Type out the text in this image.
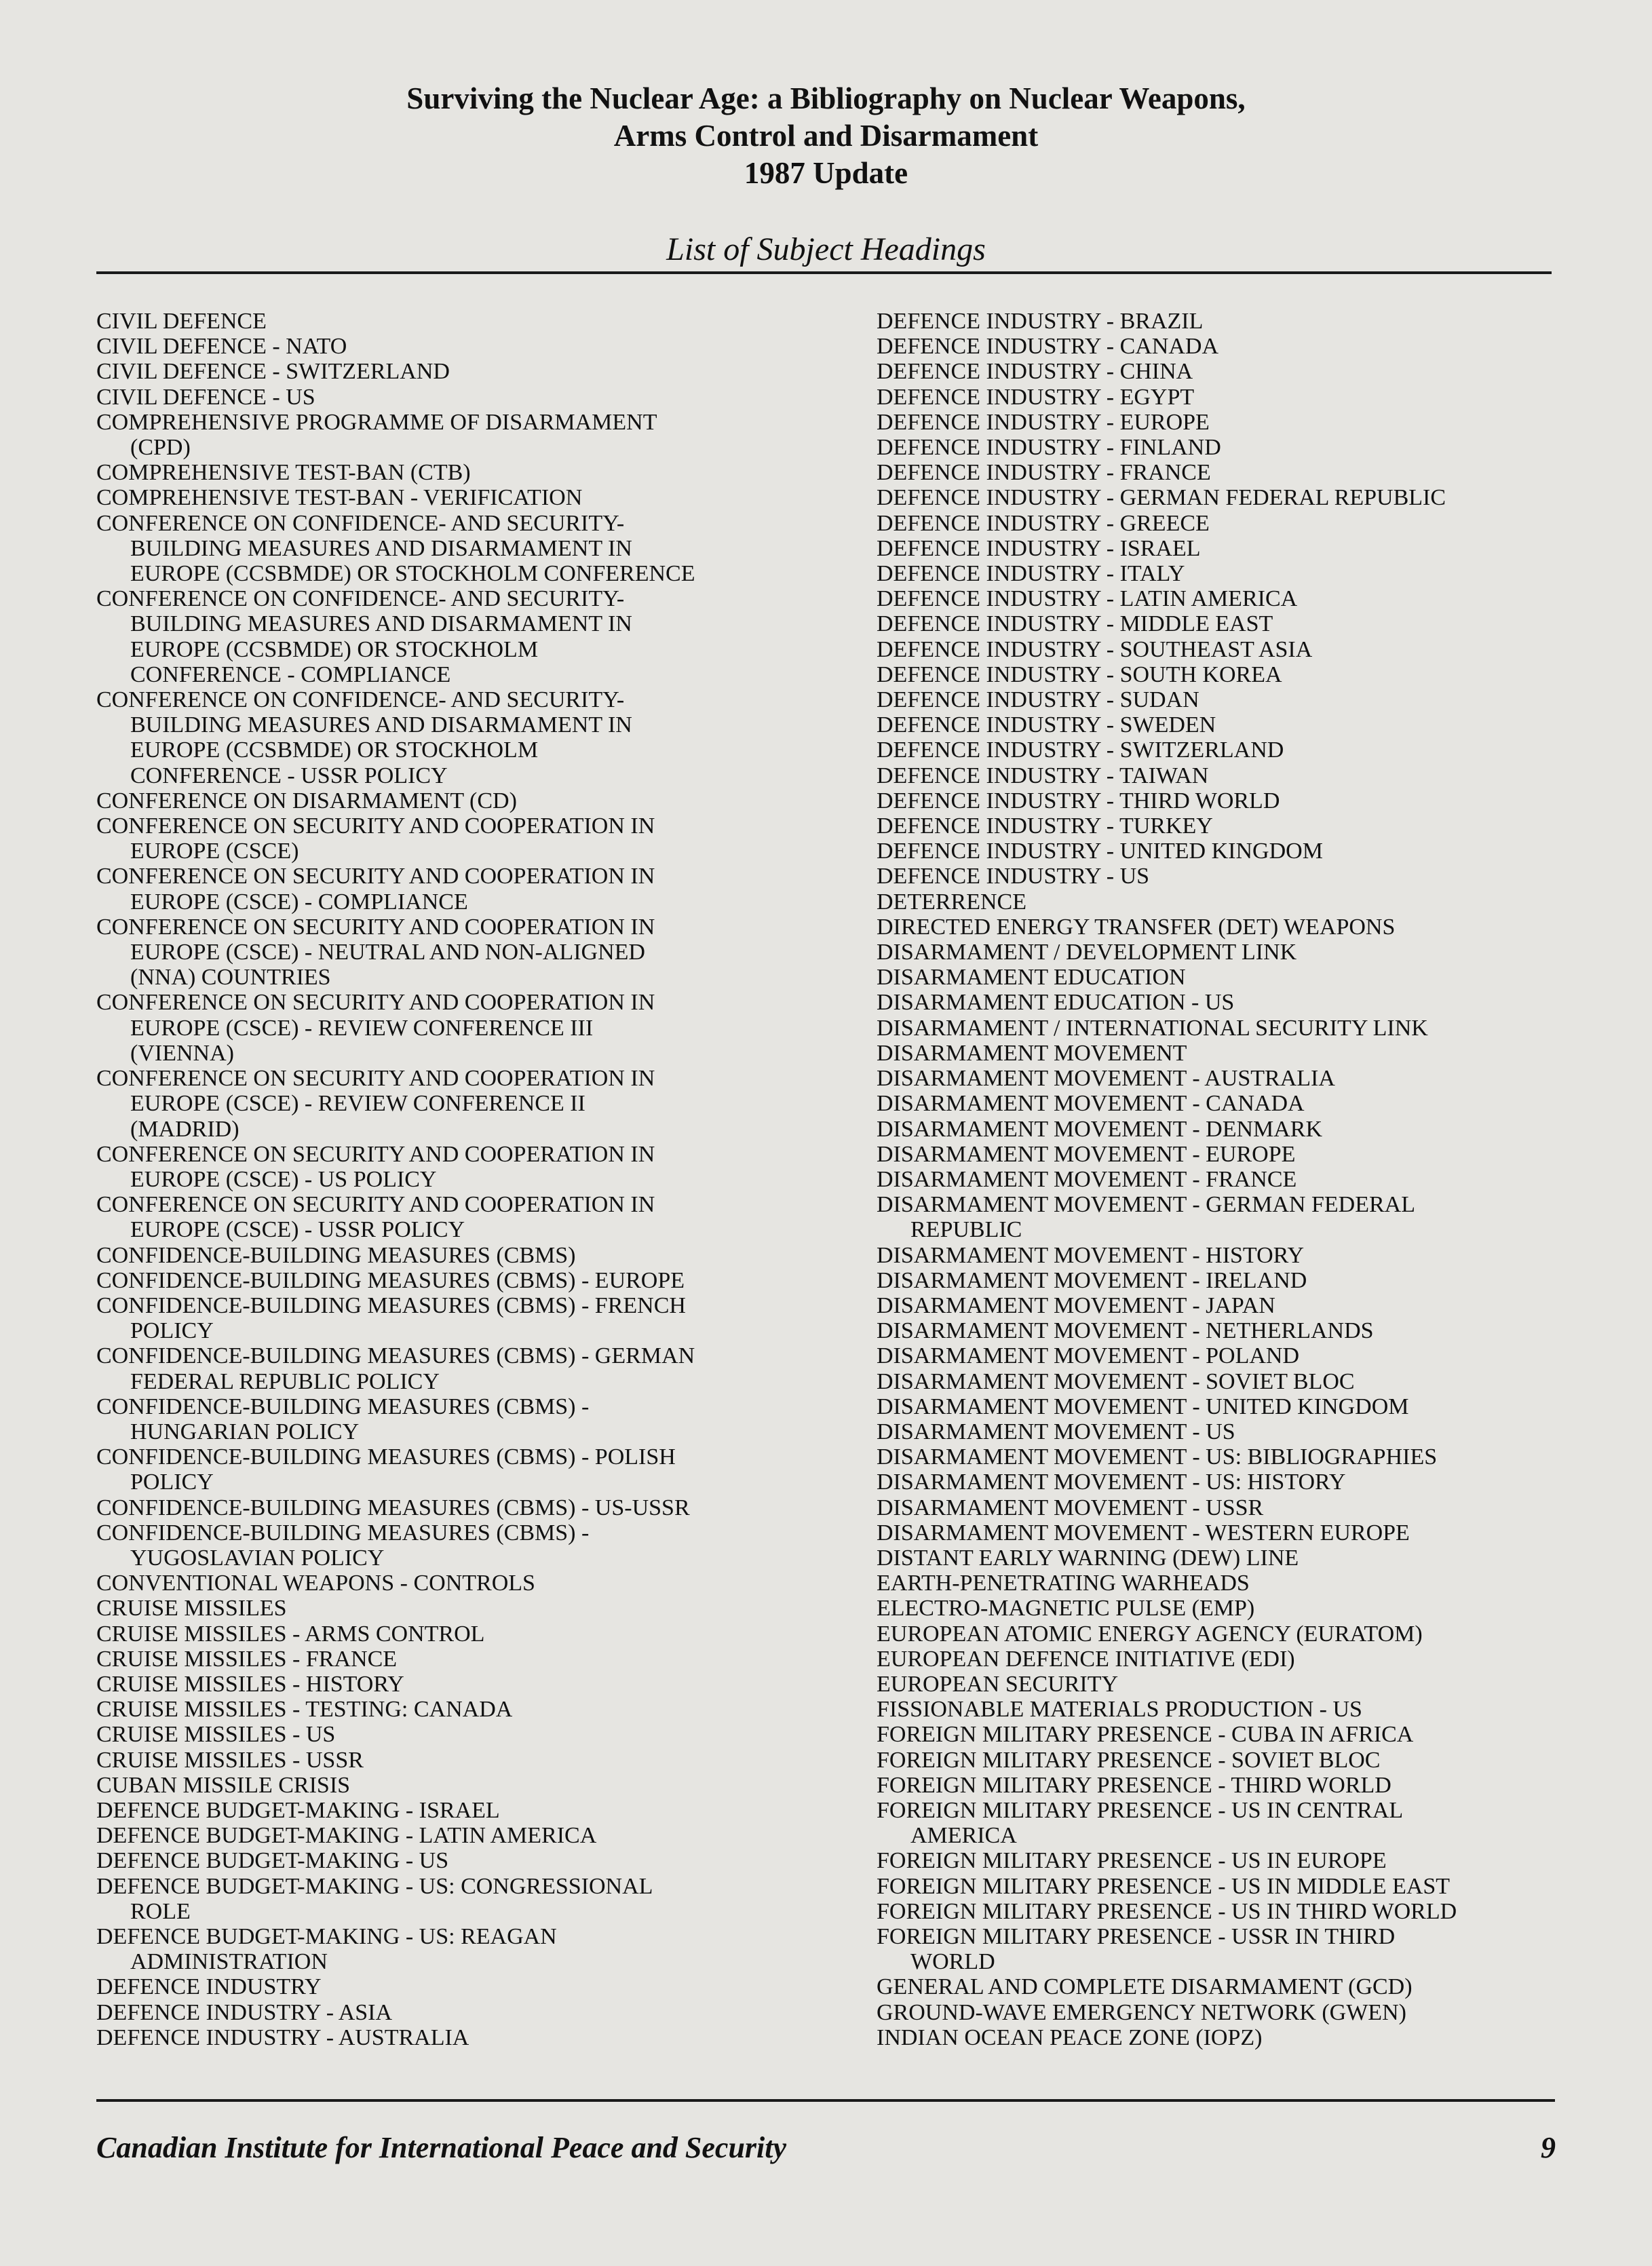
Surviving the Nuclear Age: a Bibliography on Nuclear Weapons,
Arms Control and Disarmament
1987 Update
List of Subject Headings
CIVIL DEFENCE
CIVIL DEFENCE - NATO
CIVIL DEFENCE - SWITZERLAND
CIVIL DEFENCE - US
COMPREHENSIVE PROGRAMME OF DISARMAMENT
(CPD)
COMPREHENSIVE TEST-BAN (CTB)
COMPREHENSIVE TEST-BAN - VERIFICATION
CONFERENCE ON CONFIDENCE- AND SECURITY-
BUILDING MEASURES AND DISARMAMENT IN
EUROPE (CCSBMDE) OR STOCKHOLM CONFERENCE
CONFERENCE ON CONFIDENCE- AND SECURITY-
BUILDING MEASURES AND DISARMAMENT IN
EUROPE (CCSBMDE) OR STOCKHOLM
CONFERENCE - COMPLIANCE
CONFERENCE ON CONFIDENCE- AND SECURITY-
BUILDING MEASURES AND DISARMAMENT IN
EUROPE (CCSBMDE) OR STOCKHOLM
CONFERENCE - USSR POLICY
CONFERENCE ON DISARMAMENT (CD)
CONFERENCE ON SECURITY AND COOPERATION IN
EUROPE (CSCE)
CONFERENCE ON SECURITY AND COOPERATION IN
EUROPE (CSCE) - COMPLIANCE
CONFERENCE ON SECURITY AND COOPERATION IN
EUROPE (CSCE) - NEUTRAL AND NON-ALIGNED
(NNA) COUNTRIES
CONFERENCE ON SECURITY AND COOPERATION IN
EUROPE (CSCE) - REVIEW CONFERENCE III
(VIENNA)
CONFERENCE ON SECURITY AND COOPERATION IN
EUROPE (CSCE) - REVIEW CONFERENCE II
(MADRID)
CONFERENCE ON SECURITY AND COOPERATION IN
EUROPE (CSCE) - US POLICY
CONFERENCE ON SECURITY AND COOPERATION IN
EUROPE (CSCE) - USSR POLICY
CONFIDENCE-BUILDING MEASURES (CBMS)
CONFIDENCE-BUILDING MEASURES (CBMS) - EUROPE
CONFIDENCE-BUILDING MEASURES (CBMS) - FRENCH
POLICY
CONFIDENCE-BUILDING MEASURES (CBMS) - GERMAN
FEDERAL REPUBLIC POLICY
CONFIDENCE-BUILDING MEASURES (CBMS) -
HUNGARIAN POLICY
CONFIDENCE-BUILDING MEASURES (CBMS) - POLISH
POLICY
CONFIDENCE-BUILDING MEASURES (CBMS) - US-USSR
CONFIDENCE-BUILDING MEASURES (CBMS) -
YUGOSLAVIAN POLICY
CONVENTIONAL WEAPONS - CONTROLS
CRUISE MISSILES
CRUISE MISSILES - ARMS CONTROL
CRUISE MISSILES - FRANCE
CRUISE MISSILES - HISTORY
CRUISE MISSILES - TESTING: CANADA
CRUISE MISSILES - US
CRUISE MISSILES - USSR
CUBAN MISSILE CRISIS
DEFENCE BUDGET-MAKING - ISRAEL
DEFENCE BUDGET-MAKING - LATIN AMERICA
DEFENCE BUDGET-MAKING - US
DEFENCE BUDGET-MAKING - US: CONGRESSIONAL
ROLE
DEFENCE BUDGET-MAKING - US: REAGAN
ADMINISTRATION
DEFENCE INDUSTRY
DEFENCE INDUSTRY - ASIA
DEFENCE INDUSTRY - AUSTRALIA
DEFENCE INDUSTRY - BRAZIL
DEFENCE INDUSTRY - CANADA
DEFENCE INDUSTRY - CHINA
DEFENCE INDUSTRY - EGYPT
DEFENCE INDUSTRY - EUROPE
DEFENCE INDUSTRY - FINLAND
DEFENCE INDUSTRY - FRANCE
DEFENCE INDUSTRY - GERMAN FEDERAL REPUBLIC
DEFENCE INDUSTRY - GREECE
DEFENCE INDUSTRY - ISRAEL
DEFENCE INDUSTRY - ITALY
DEFENCE INDUSTRY - LATIN AMERICA
DEFENCE INDUSTRY - MIDDLE EAST
DEFENCE INDUSTRY - SOUTHEAST ASIA
DEFENCE INDUSTRY - SOUTH KOREA
DEFENCE INDUSTRY - SUDAN
DEFENCE INDUSTRY - SWEDEN
DEFENCE INDUSTRY - SWITZERLAND
DEFENCE INDUSTRY - TAIWAN
DEFENCE INDUSTRY - THIRD WORLD
DEFENCE INDUSTRY - TURKEY
DEFENCE INDUSTRY - UNITED KINGDOM
DEFENCE INDUSTRY - US
DETERRENCE
DIRECTED ENERGY TRANSFER (DET) WEAPONS
DISARMAMENT / DEVELOPMENT LINK
DISARMAMENT EDUCATION
DISARMAMENT EDUCATION - US
DISARMAMENT / INTERNATIONAL SECURITY LINK
DISARMAMENT MOVEMENT
DISARMAMENT MOVEMENT - AUSTRALIA
DISARMAMENT MOVEMENT - CANADA
DISARMAMENT MOVEMENT - DENMARK
DISARMAMENT MOVEMENT - EUROPE
DISARMAMENT MOVEMENT - FRANCE
DISARMAMENT MOVEMENT - GERMAN FEDERAL
REPUBLIC
DISARMAMENT MOVEMENT - HISTORY
DISARMAMENT MOVEMENT - IRELAND
DISARMAMENT MOVEMENT - JAPAN
DISARMAMENT MOVEMENT - NETHERLANDS
DISARMAMENT MOVEMENT - POLAND
DISARMAMENT MOVEMENT - SOVIET BLOC
DISARMAMENT MOVEMENT - UNITED KINGDOM
DISARMAMENT MOVEMENT - US
DISARMAMENT MOVEMENT - US: BIBLIOGRAPHIES
DISARMAMENT MOVEMENT - US: HISTORY
DISARMAMENT MOVEMENT - USSR
DISARMAMENT MOVEMENT - WESTERN EUROPE
DISTANT EARLY WARNING (DEW) LINE
EARTH-PENETRATING WARHEADS
ELECTRO-MAGNETIC PULSE (EMP)
EUROPEAN ATOMIC ENERGY AGENCY (EURATOM)
EUROPEAN DEFENCE INITIATIVE (EDI)
EUROPEAN SECURITY
FISSIONABLE MATERIALS PRODUCTION - US
FOREIGN MILITARY PRESENCE - CUBA IN AFRICA
FOREIGN MILITARY PRESENCE - SOVIET BLOC
FOREIGN MILITARY PRESENCE - THIRD WORLD
FOREIGN MILITARY PRESENCE - US IN CENTRAL
AMERICA
FOREIGN MILITARY PRESENCE - US IN EUROPE
FOREIGN MILITARY PRESENCE - US IN MIDDLE EAST
FOREIGN MILITARY PRESENCE - US IN THIRD WORLD
FOREIGN MILITARY PRESENCE - USSR IN THIRD
WORLD
GENERAL AND COMPLETE DISARMAMENT (GCD)
GROUND-WAVE EMERGENCY NETWORK (GWEN)
INDIAN OCEAN PEACE ZONE (IOPZ)
Canadian Institute for International Peace and Security	9
